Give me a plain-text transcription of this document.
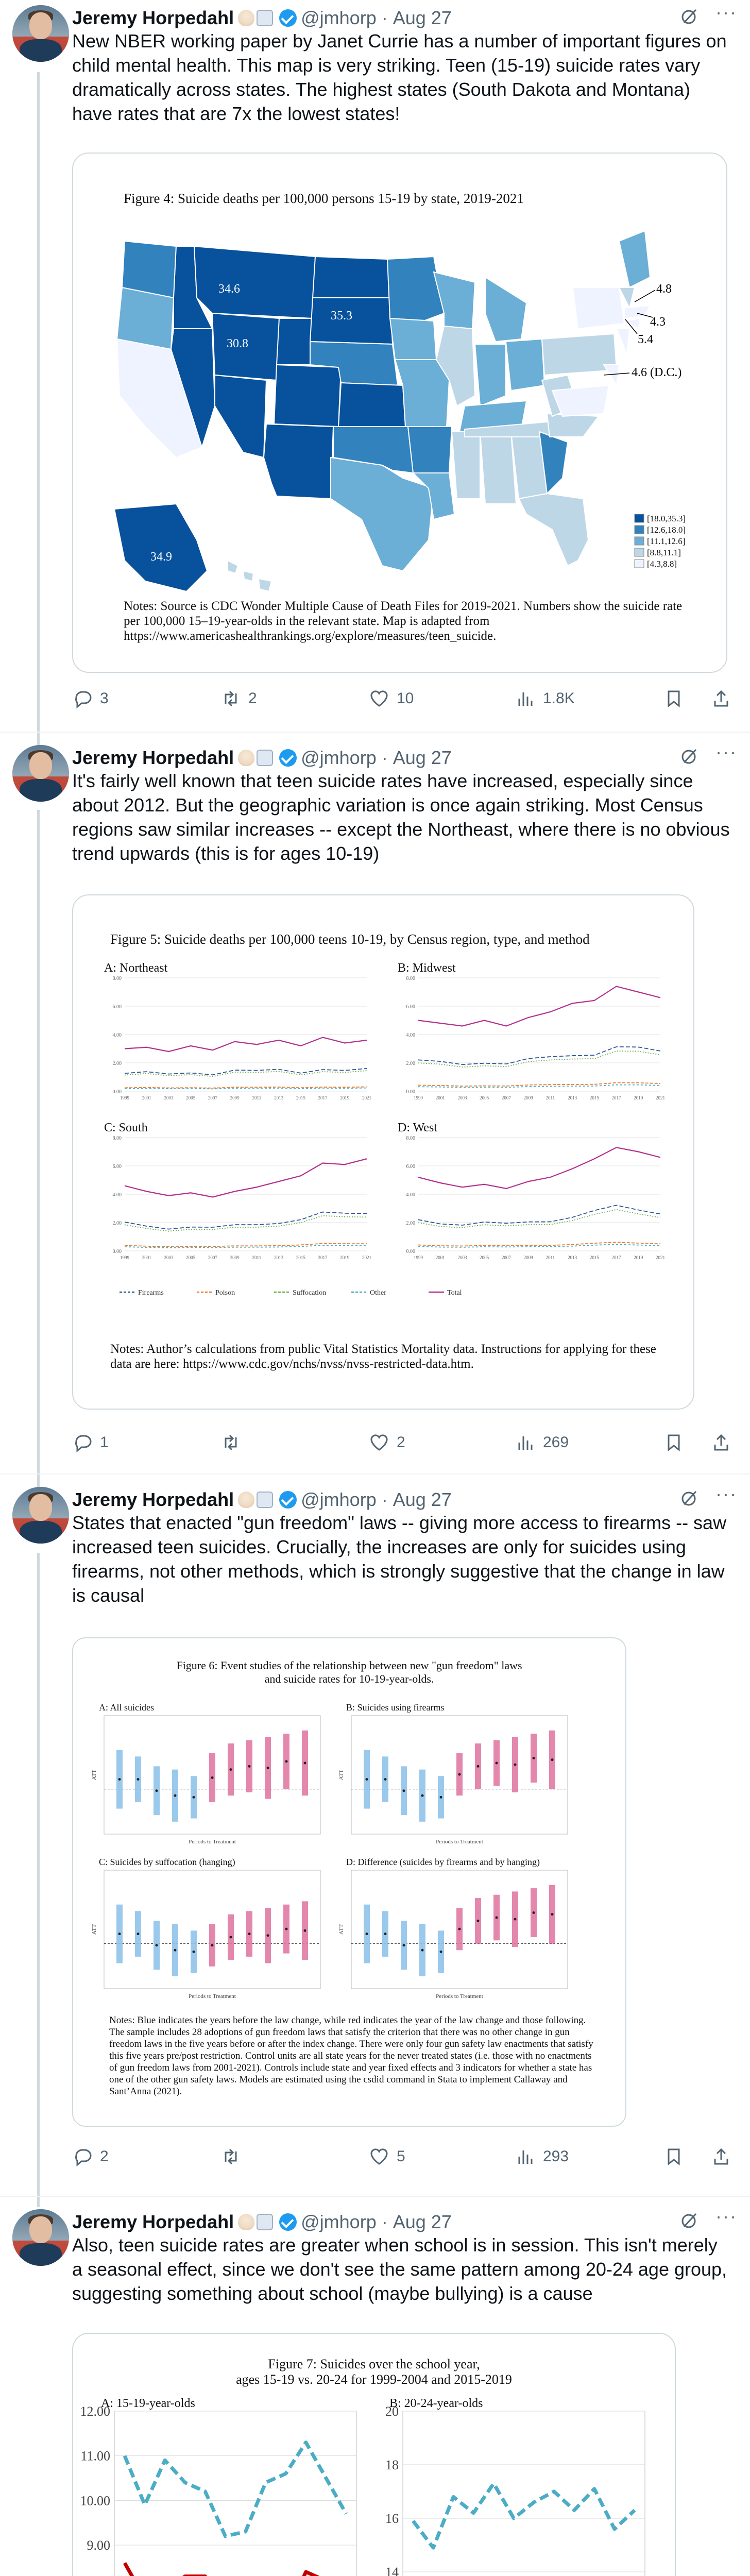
Jeremy Horpedahl	@jmhorp · Aug 27	···
New NBER working paper by Janet Currie has a number of important figures on child mental health. This map is very striking. Teen (15-19) suicide rates vary dramatically across states. The highest states (South Dakota and Montana) have rates that are 7x the lowest states!
Figure 4: Suicide deaths per 100,000 persons 15-19 by state, 2019-2021
34.6
30.8
35.3
34.9
4.8
4.3
5.4
4.6 (D.C.)
[18.0,35.3]
[12.6,18.0]
[11.1,12.6]
[8.8,11.1]
[4.3,8.8]
Notes: Source is CDC Wonder Multiple Cause of Death Files for 2019-2021. Numbers show the suicide rate per 100,000 15–19-year-olds in the relevant state. Map is adapted from https://www.americashealthrankings.org/explore/measures/teen_suicide.
3	2	10	1.8K
Jeremy Horpedahl	@jmhorp · Aug 27	···
It's fairly well known that teen suicide rates have increased, especially since about 2012. But the geographic variation is once again striking. Most Census regions saw similar increases -- except the Northeast, where there is no obvious trend upwards (this is for ages 10-19)
Figure 5: Suicide deaths per 100,000 teens 10-19, by Census region, type, and method
A: Northeast
0.00
2.00
4.00
6.00
8.00
1999	2001	2003	2005	2007	2009	2011	2013	2015	2017	2019	2021
B: Midwest
0.00
2.00
4.00
6.00
8.00
1999	2001	2003	2005	2007	2009	2011	2013	2015	2017	2019	2021
C: South
0.00
2.00
4.00
6.00
8.00
1999	2001	2003	2005	2007	2009	2011	2013	2015	2017	2019	2021
D: West
0.00
2.00
4.00
6.00
8.00
1999	2001	2003	2005	2007	2009	2011	2013	2015	2017	2019	2021
Firearms	Poison	Suffocation	Other	Total
Notes: Author’s calculations from public Vital Statistics Mortality data. Instructions for applying for these data are here: https://www.cdc.gov/nchs/nvss/nvss-restricted-data.htm.
1	2	269
Jeremy Horpedahl	@jmhorp · Aug 27	···
States that enacted "gun freedom" laws -- giving more access to firearms -- saw increased teen suicides. Crucially, the increases are only for suicides using firearms, not other methods, which is strongly suggestive that the change in law is causal
Figure 6: Event studies of the relationship between new "gun freedom" laws
and suicide rates for 10-19-year-olds.
A: All suicides
Periods to Treatment
ATT
B: Suicides using firearms
Periods to Treatment
ATT
C: Suicides by suffocation (hanging)
Periods to Treatment
ATT
D: Difference (suicides by firearms and by hanging)
Periods to Treatment
ATT
Notes: Blue indicates the years before the law change, while red indicates the year of the law change and those following. The sample includes 28 adoptions of gun freedom laws that satisfy the criterion that there was no other change in gun freedom laws in the five years before or after the index change. There were only four gun safety law enactments that satisfy this five years pre/post restriction. Control units are all state years for the never treated states (i.e. those with no enactments of gun freedom laws from 2001-2021). Controls include state and year fixed effects and 3 indicators for whether a state has one of the other gun safety laws. Models are estimated using the csdid command in Stata to implement Callaway and Sant’Anna (2021).
2	5	293
Jeremy Horpedahl	@jmhorp · Aug 27	···
Also, teen suicide rates are greater when school is in session. This isn't merely a seasonal effect, since we don't see the same pattern among 20-24 age group, suggesting something about school (maybe bullying) is a cause
Figure 7: Suicides over the school year,
ages 15-19 vs. 20-24 for 1999-2004 and 2015-2019
A: 15-19-year-olds
9.00
10.00
11.00
12.00
B: 20-24-year-olds
14
16
18
20
